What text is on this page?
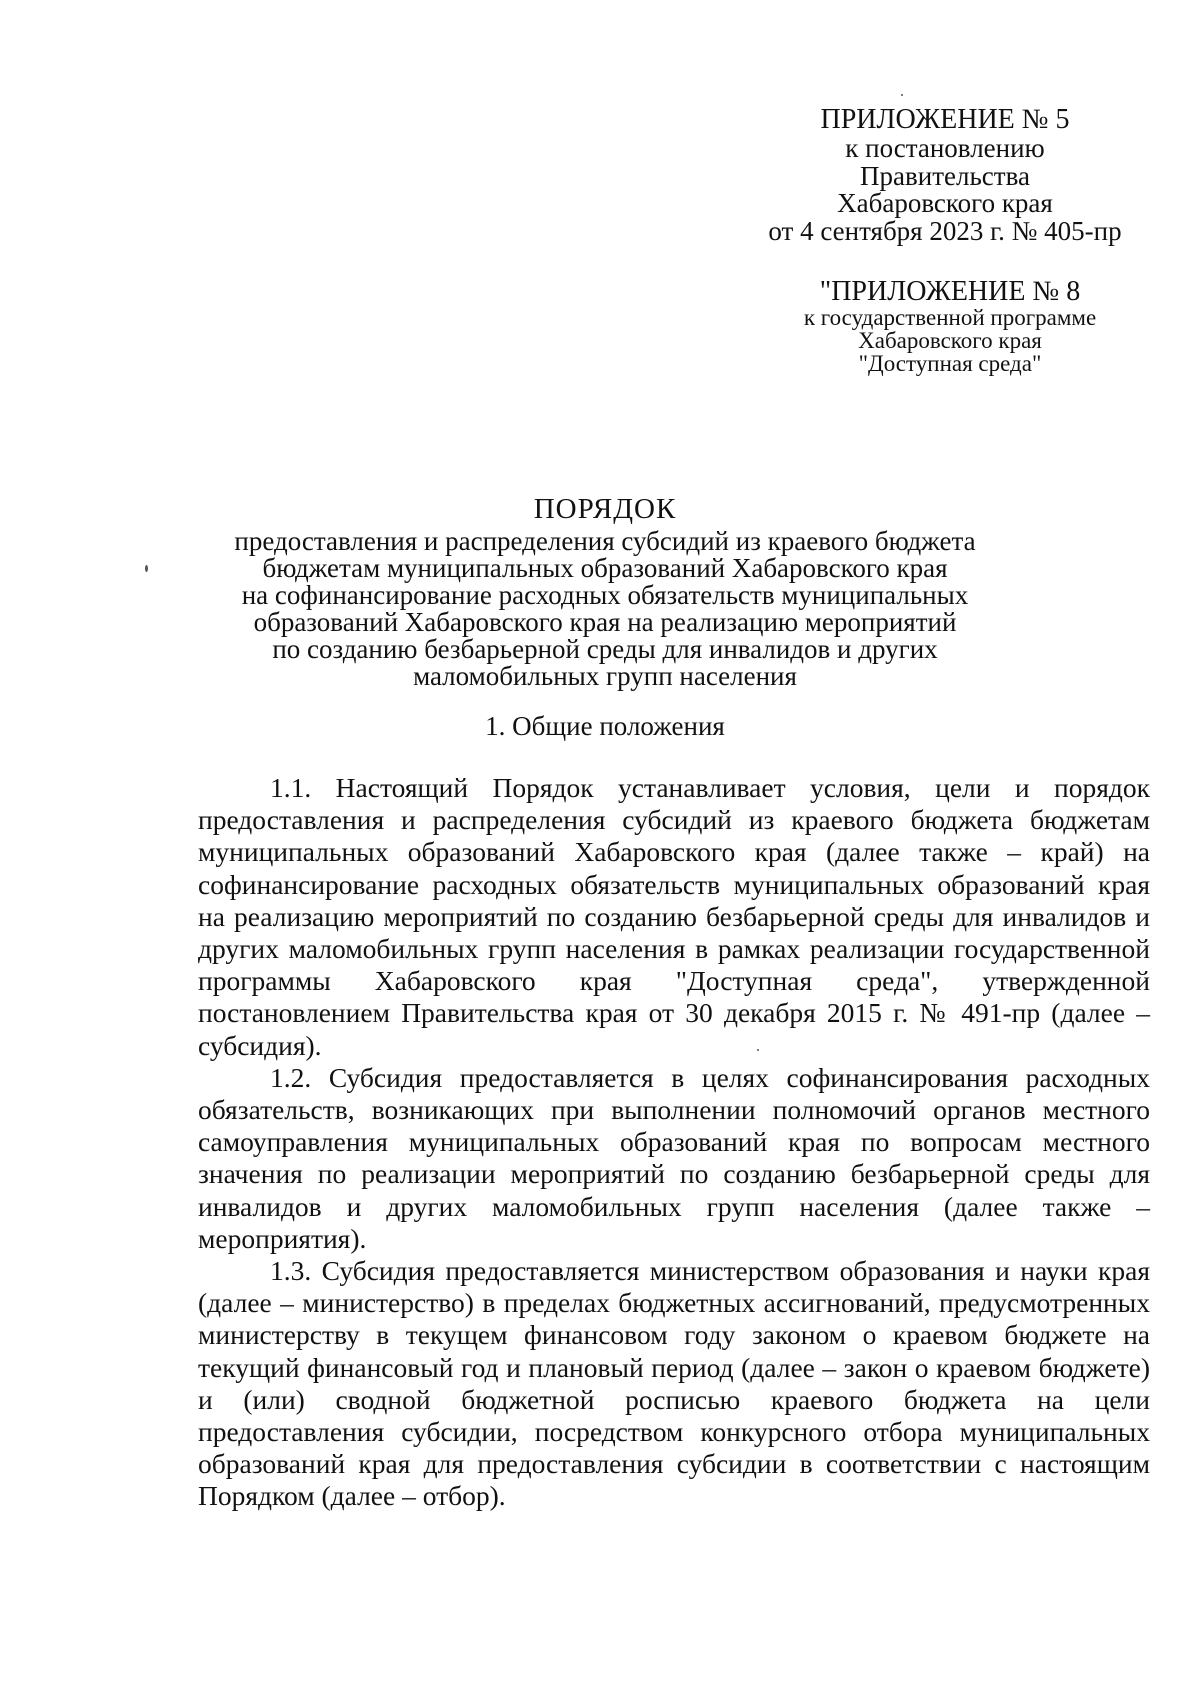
ПРИЛОЖЕНИЕ № 5
к постановлению
Правительства
Хабаровского края
от 4 сентября 2023 г. № 405-пр
"ПРИЛОЖЕНИЕ № 8
к государственной программе
Хабаровского края
"Доступная среда"
ПОРЯДОК
предоставления и распределения субсидий из краевого бюджета
бюджетам муниципальных образований Хабаровского края
на софинансирование расходных обязательств муниципальных
образований Хабаровского края на реализацию мероприятий
по созданию безбарьерной среды для инвалидов и других
маломобильных групп населения
1. Общие положения

1.1. Настоящий Порядок устанавливает условия, цели и порядок предоставления и распределения субсидий из краевого бюджета бюджетам муниципальных образований Хабаровского края (далее также – край) на софинансирование расходных обязательств муниципальных образований края на реализацию мероприятий по созданию безбарьерной среды для инвалидов и других маломобильных групп населения в рамках реализации государственной программы Хабаровского края "Доступная среда", утвержденной постановлением Правительства края от 30 декабря 2015 г. № 491-пр (далее – субсидия).

1.2. Субсидия предоставляется в целях софинансирования расходных обязательств, возникающих при выполнении полномочий органов местного самоуправления муниципальных образований края по вопросам местного значения по реализации мероприятий по созданию безбарьерной среды для инвалидов и других маломобильных групп населения (далее также – мероприятия).

1.3. Субсидия предоставляется министерством образования и науки края (далее – министерство) в пределах бюджетных ассигнований, предусмотренных министерству в текущем финансовом году законом о краевом бюджете на текущий финансовый год и плановый период (далее – закон о краевом бюджете) и (или) сводной бюджетной росписью краевого бюджета на цели предоставления субсидии, посредством конкурсного отбора муниципальных образований края для предоставления субсидии в соответствии с настоящим Порядком (далее – отбор).
